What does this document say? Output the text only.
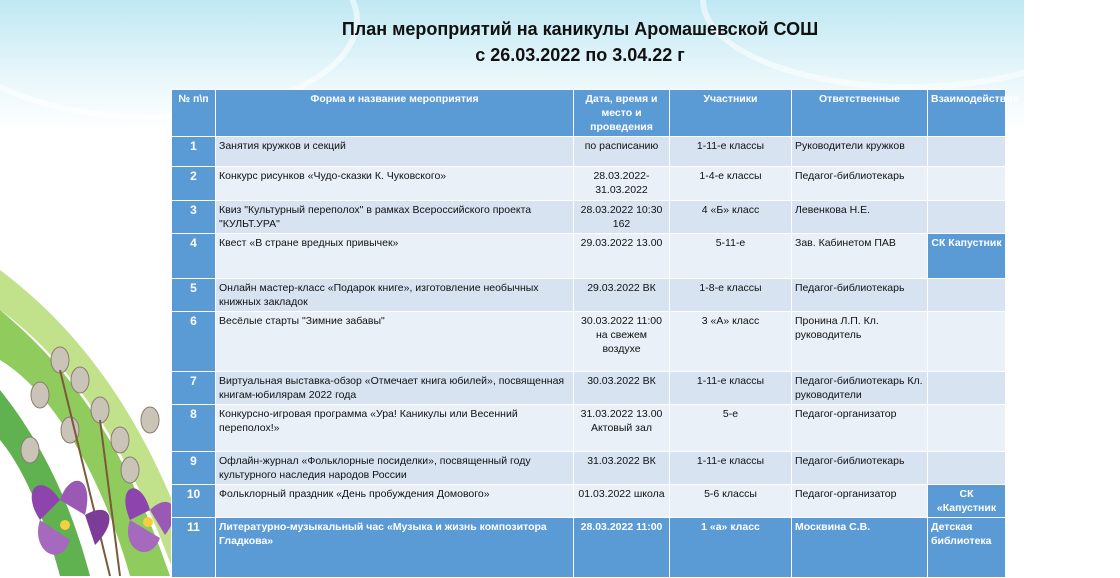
План мероприятий на каникулы Аромашевской СОШ
с 26.03.2022 по 3.04.22 г
№ п\п	Форма и название мероприятия	Дата, время и место и проведения	Участники	Ответственные	Взаимодействие
1	Занятия кружков и секций	по расписанию	1-11-е классы	Руководители кружков	
2	Конкурс рисунков «Чудо-сказки К. Чуковского»	28.03.2022-31.03.2022	1-4-е классы	Педагог-библиотекарь	
3	Квиз "Культурный переполох" в рамках Всероссийского проекта "КУЛЬТ.УРА"	28.03.2022 10:30 162	4 «Б» класс	Левенкова Н.Е.	
4	Квест «В стране вредных привычек»	29.03.2022 13.00	5-11-е	Зав. Кабинетом ПАВ	СК Капустник
5	Онлайн мастер-класс «Подарок книге», изготовление необычных книжных закладок	29.03.2022 ВК	1-8-е классы	Педагог-библиотекарь	
6	Весёлые старты "Зимние забавы"	30.03.2022 11:00 на свежем воздухе	3 «А» класс	Пронина Л.П. Кл. руководитель	
7	Виртуальная выставка-обзор «Отмечает книга юбилей», посвященная книгам-юбилярам 2022 года	30.03.2022 ВК	1-11-е классы	Педагог-библиотекарь Кл. руководители	
8	Конкурсно-игровая программа «Ура! Каникулы или Весенний переполох!»	31.03.2022 13.00 Актовый зал	5-е	Педагог-организатор	
9	Офлайн-журнал «Фольклорные посиделки», посвященный году культурного наследия народов России	31.03.2022 ВК	1-11-е классы	Педагог-библиотекарь	
10	Фольклорный праздник «День пробуждения Домового»	01.03.2022 школа	5-6 классы	Педагог-организатор	СК «Капустник
11	Литературно-музыкальный час «Музыка и жизнь композитора Гладкова»	28.03.2022 11:00	1 «а» класс	Москвина С.В.	Детская библиотека
